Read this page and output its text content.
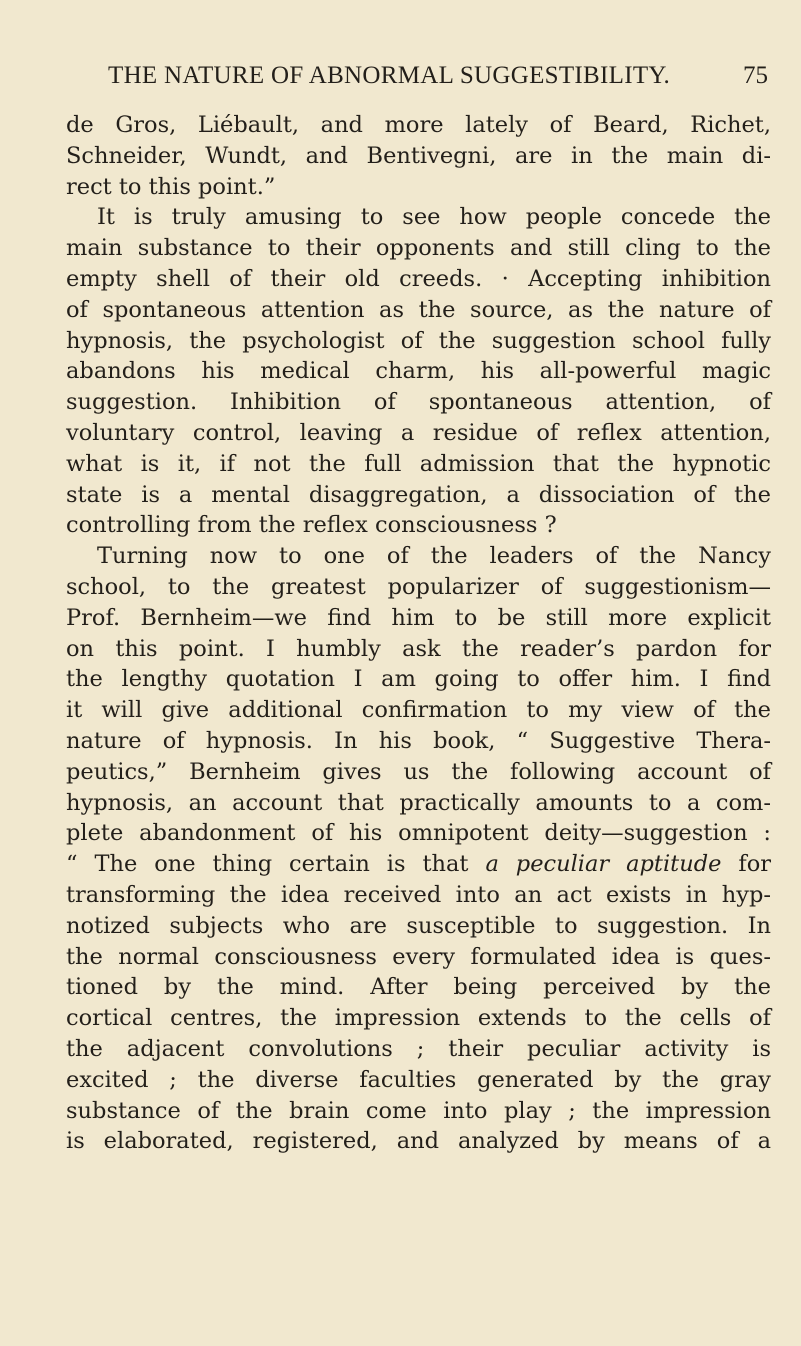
THE NATURE OF ABNORMAL SUGGESTIBILITY.	75
de Gros, Liébault, and more lately of Beard, Richet,
Schneider, Wundt, and Bentivegni, are in the main di-
rect to this point.”
It is truly amusing to see how people concede the
main substance to their opponents and still cling to the
empty shell of their old creeds. · Accepting inhibition
of spontaneous attention as the source, as the nature of
hypnosis, the psychologist of the suggestion school fully
abandons his medical charm, his all-powerful magic
suggestion. Inhibition of spontaneous attention, of
voluntary control, leaving a residue of reflex attention,
what is it, if not the full admission that the hypnotic
state is a mental disaggregation, a dissociation of the
controlling from the reflex consciousness ?
Turning now to one of the leaders of the Nancy
school, to the greatest popularizer of suggestionism—
Prof. Bernheim—we find him to be still more explicit
on this point. I humbly ask the reader’s pardon for
the lengthy quotation I am going to offer him. I find
it will give additional confirmation to my view of the
nature of hypnosis. In his book, “ Suggestive Thera-
peutics,” Bernheim gives us the following account of
hypnosis, an account that practically amounts to a com-
plete abandonment of his omnipotent deity—suggestion :
“ The one thing certain is that a peculiar aptitude for
transforming the idea received into an act exists in hyp-
notized subjects who are susceptible to suggestion. In
the normal consciousness every formulated idea is ques-
tioned by the mind. After being perceived by the
cortical centres, the impression extends to the cells of
the adjacent convolutions ; their peculiar activity is
excited ; the diverse faculties generated by the gray
substance of the brain come into play ; the impression
is elaborated, registered, and analyzed by means of a
